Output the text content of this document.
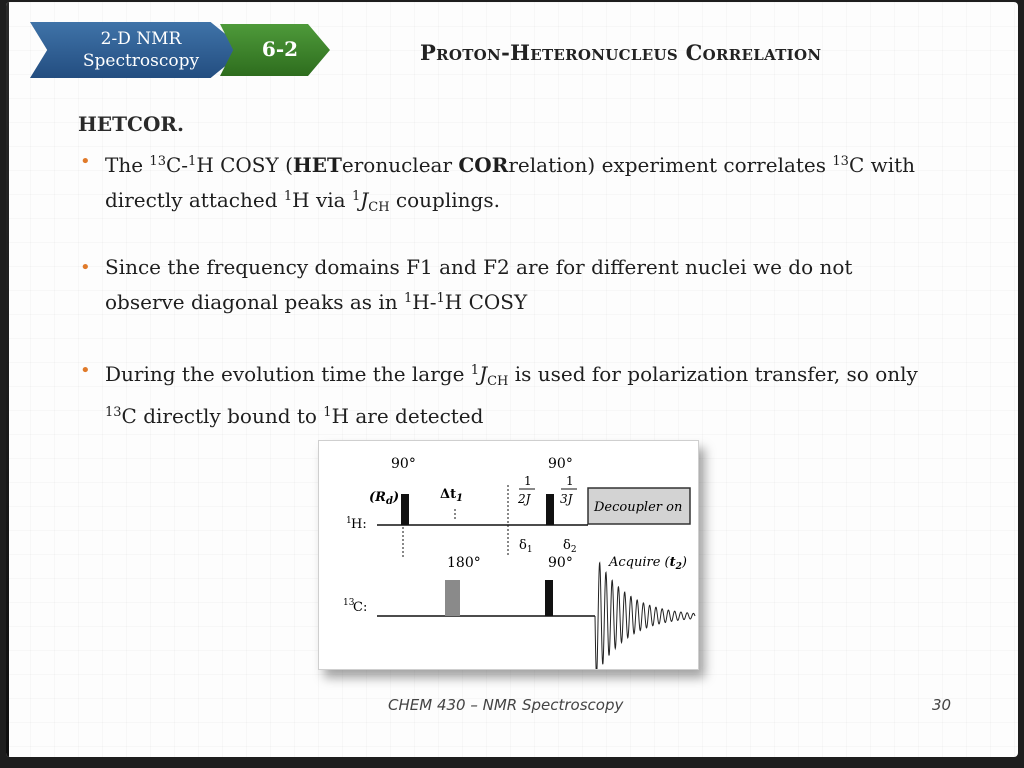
2-D NMR
Spectroscopy	6-2	Proton-Heteronucleus Correlation
HETCOR.
• The $^{13}$C-$^1$H COSY (HETeronuclear CORrelation) experiment correlates $^{13}$C with directly attached $^1$H via $^1J_{CH}$ couplings.
• Since the frequency domains F1 and F2 are for different nuclei we do not observe diagonal peaks as in $^1$H-$^1$H COSY
• During the evolution time the large $^1J_{CH}$ is used for polarization transfer, so only $^{13}$C directly bound to $^1$H are detected
90°	90°
$(R_d)$	$\Delta t_1$
1
2J
1
3J
Decoupler on
1 H:
$\delta_1$ $\delta_2$
180°	90°	Acquire $(t_2)$
13
C:
CHEM 430 – NMR Spectroscopy	30
